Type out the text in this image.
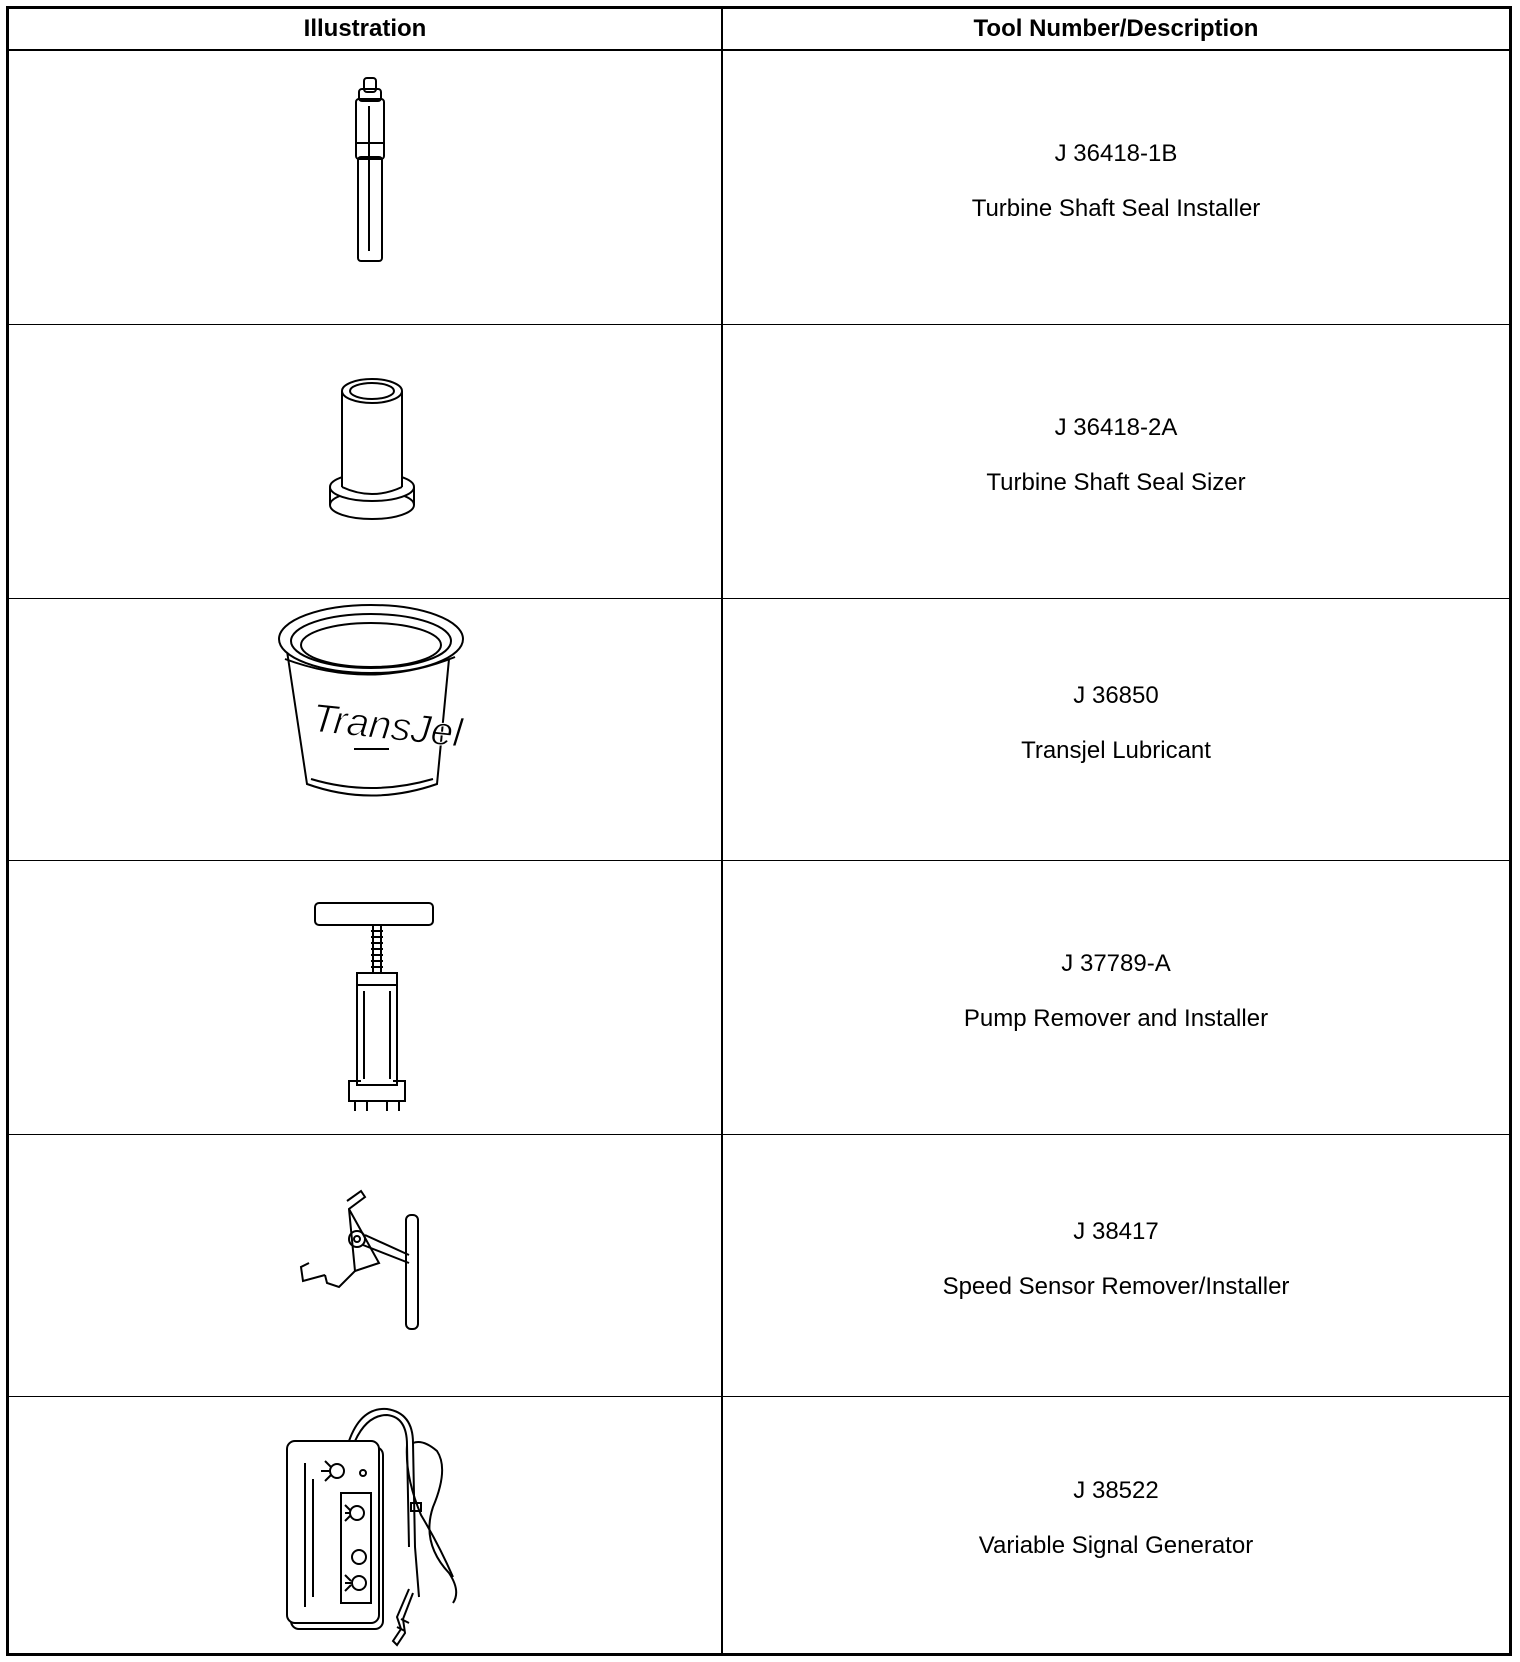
Illustration	Tool Number/Description
J 36418-1B
Turbine Shaft Seal Installer
J 36418-2A
Turbine Shaft Seal Sizer
TransJel
J 36850
Transjel Lubricant
J 37789-A
Pump Remover and Installer
J 38417
Speed Sensor Remover/Installer
J 38522
Variable Signal Generator
